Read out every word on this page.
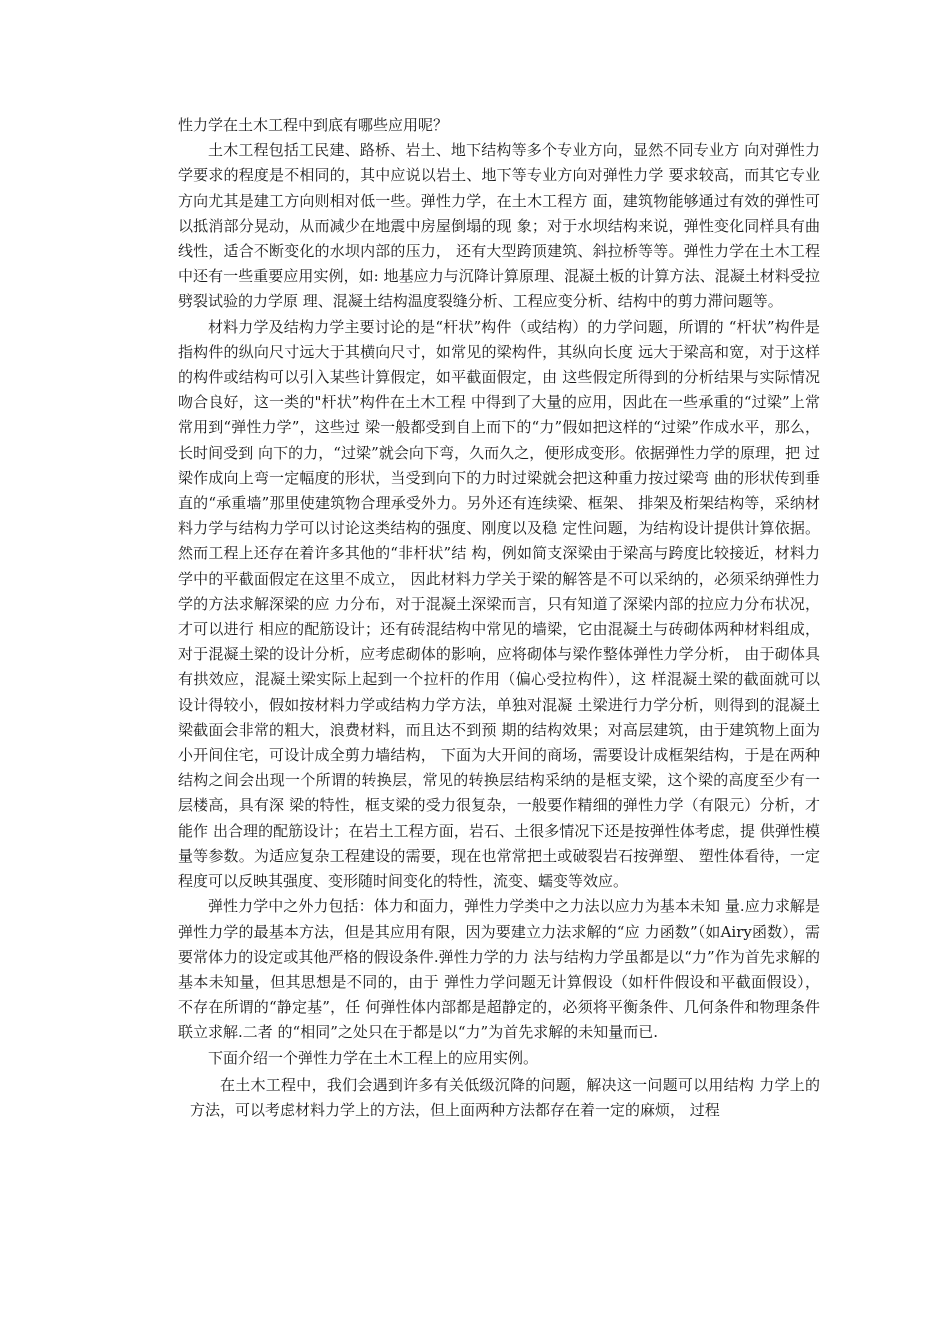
性力学在土木工程中到底有哪些应用呢？

土木工程包括工民建、路桥、岩土、地下结构等多个专业方向，显然不同专业方 向对弹性力学要求的程度是不相同的，其中应说以岩土、地下等专业方向对弹性力学 要求较高，而其它专业方向尤其是建工方向则相对低一些。弹性力学，在土木工程方 面，建筑物能够通过有效的弹性可以抵消部分晃动，从而减少在地震中房屋倒塌的现 象；对于水坝结构来说，弹性变化同样具有曲线性，适合不断变化的水坝内部的压力， 还有大型跨顶建筑、斜拉桥等等。弹性力学在土木工程中还有一些重要应用实例，如: 地基应力与沉降计算原理、混凝土板的计算方法、混凝土材料受拉劈裂试验的力学原 理、混凝土结构温度裂缝分析、工程应变分析、结构中的剪力滞问题等。

材料力学及结构力学主要讨论的是“杆状”构件（或结构）的力学问题，所谓的 “杆状”构件是指构件的纵向尺寸远大于其横向尺寸，如常见的梁构件，其纵向长度 远大于梁高和宽，对于这样的构件或结构可以引入某些计算假定，如平截面假定，由 这些假定所得到的分析结果与实际情况吻合良好，这一类的"杆状”构件在土木工程 中得到了大量的应用，因此在一些承重的“过梁”上常常用到“弹性力学”，这些过 梁一般都受到自上而下的“力”假如把这样的“过梁”作成水平，那么，长时间受到 向下的力，“过梁”就会向下弯，久而久之，便形成变形。依据弹性力学的原理，把 过梁作成向上弯一定幅度的形状，当受到向下的力时过梁就会把这种重力按过梁弯 曲的形状传到垂直的“承重墙”那里使建筑物合理承受外力。另外还有连续梁、框架、 排架及桁架结构等，采纳材料力学与结构力学可以讨论这类结构的强度、刚度以及稳 定性问题，为结构设计提供计算依据。然而工程上还存在着许多其他的“非杆状”结 构，例如简支深梁由于梁高与跨度比较接近，材料力学中的平截面假定在这里不成立， 因此材料力学关于梁的解答是不可以采纳的，必须采纳弹性力学的方法求解深梁的应 力分布，对于混凝土深梁而言，只有知道了深梁内部的拉应力分布状况，才可以进行 相应的配筋设计；还有砖混结构中常见的墙梁，它由混凝土与砖砌体两种材料组成， 对于混凝土梁的设计分析，应考虑砌体的影响，应将砌体与梁作整体弹性力学分析， 由于砌体具有拱效应，混凝土梁实际上起到一个拉杆的作用（偏心受拉构件），这 样混凝土梁的截面就可以设计得较小，假如按材料力学或结构力学方法，单独对混凝 土梁进行力学分析，则得到的混凝土梁截面会非常的粗大，浪费材料，而且达不到预 期的结构效果；对高层建筑，由于建筑物上面为小开间住宅，可设计成全剪力墙结构， 下面为大开间的商场，需要设计成框架结构，于是在两种结构之间会出现一个所谓的转换层，常见的转换层结构采纳的是框支梁，这个梁的高度至少有一层楼高，具有深 梁的特性，框支梁的受力很复杂，一般要作精细的弹性力学（有限元）分析，才能作 出合理的配筋设计；在岩土工程方面，岩石、土很多情况下还是按弹性体考虑，提 供弹性模量等参数。为适应复杂工程建设的需要，现在也常常把土或破裂岩石按弹塑、 塑性体看待，一定程度可以反映其强度、变形随时间变化的特性，流变、蠕变等效应。

弹性力学中之外力包括：体力和面力，弹性力学类中之力法以应力为基本未知 量.应力求解是弹性力学的最基本方法，但是其应用有限，因为要建立力法求解的“应 力函数”（如Airy函数），需要常体力的设定或其他严格的假设条件.弹性力学的力 法与结构力学虽都是以“力”作为首先求解的基本未知量，但其思想是不同的，由于 弹性力学问题无计算假设（如杆件假设和平截面假设），不存在所谓的“静定基”，任 何弹性体内部都是超静定的，必须将平衡条件、几何条件和物理条件联立求解.二者 的“相同”之处只在于都是以“力”为首先求解的未知量而已.

下面介绍一个弹性力学在土木工程上的应用实例。

在土木工程中，我们会遇到许多有关低级沉降的问题，解决这一问题可以用结构 力学上的方法，可以考虑材料力学上的方法，但上面两种方法都存在着一定的麻烦， 过程
